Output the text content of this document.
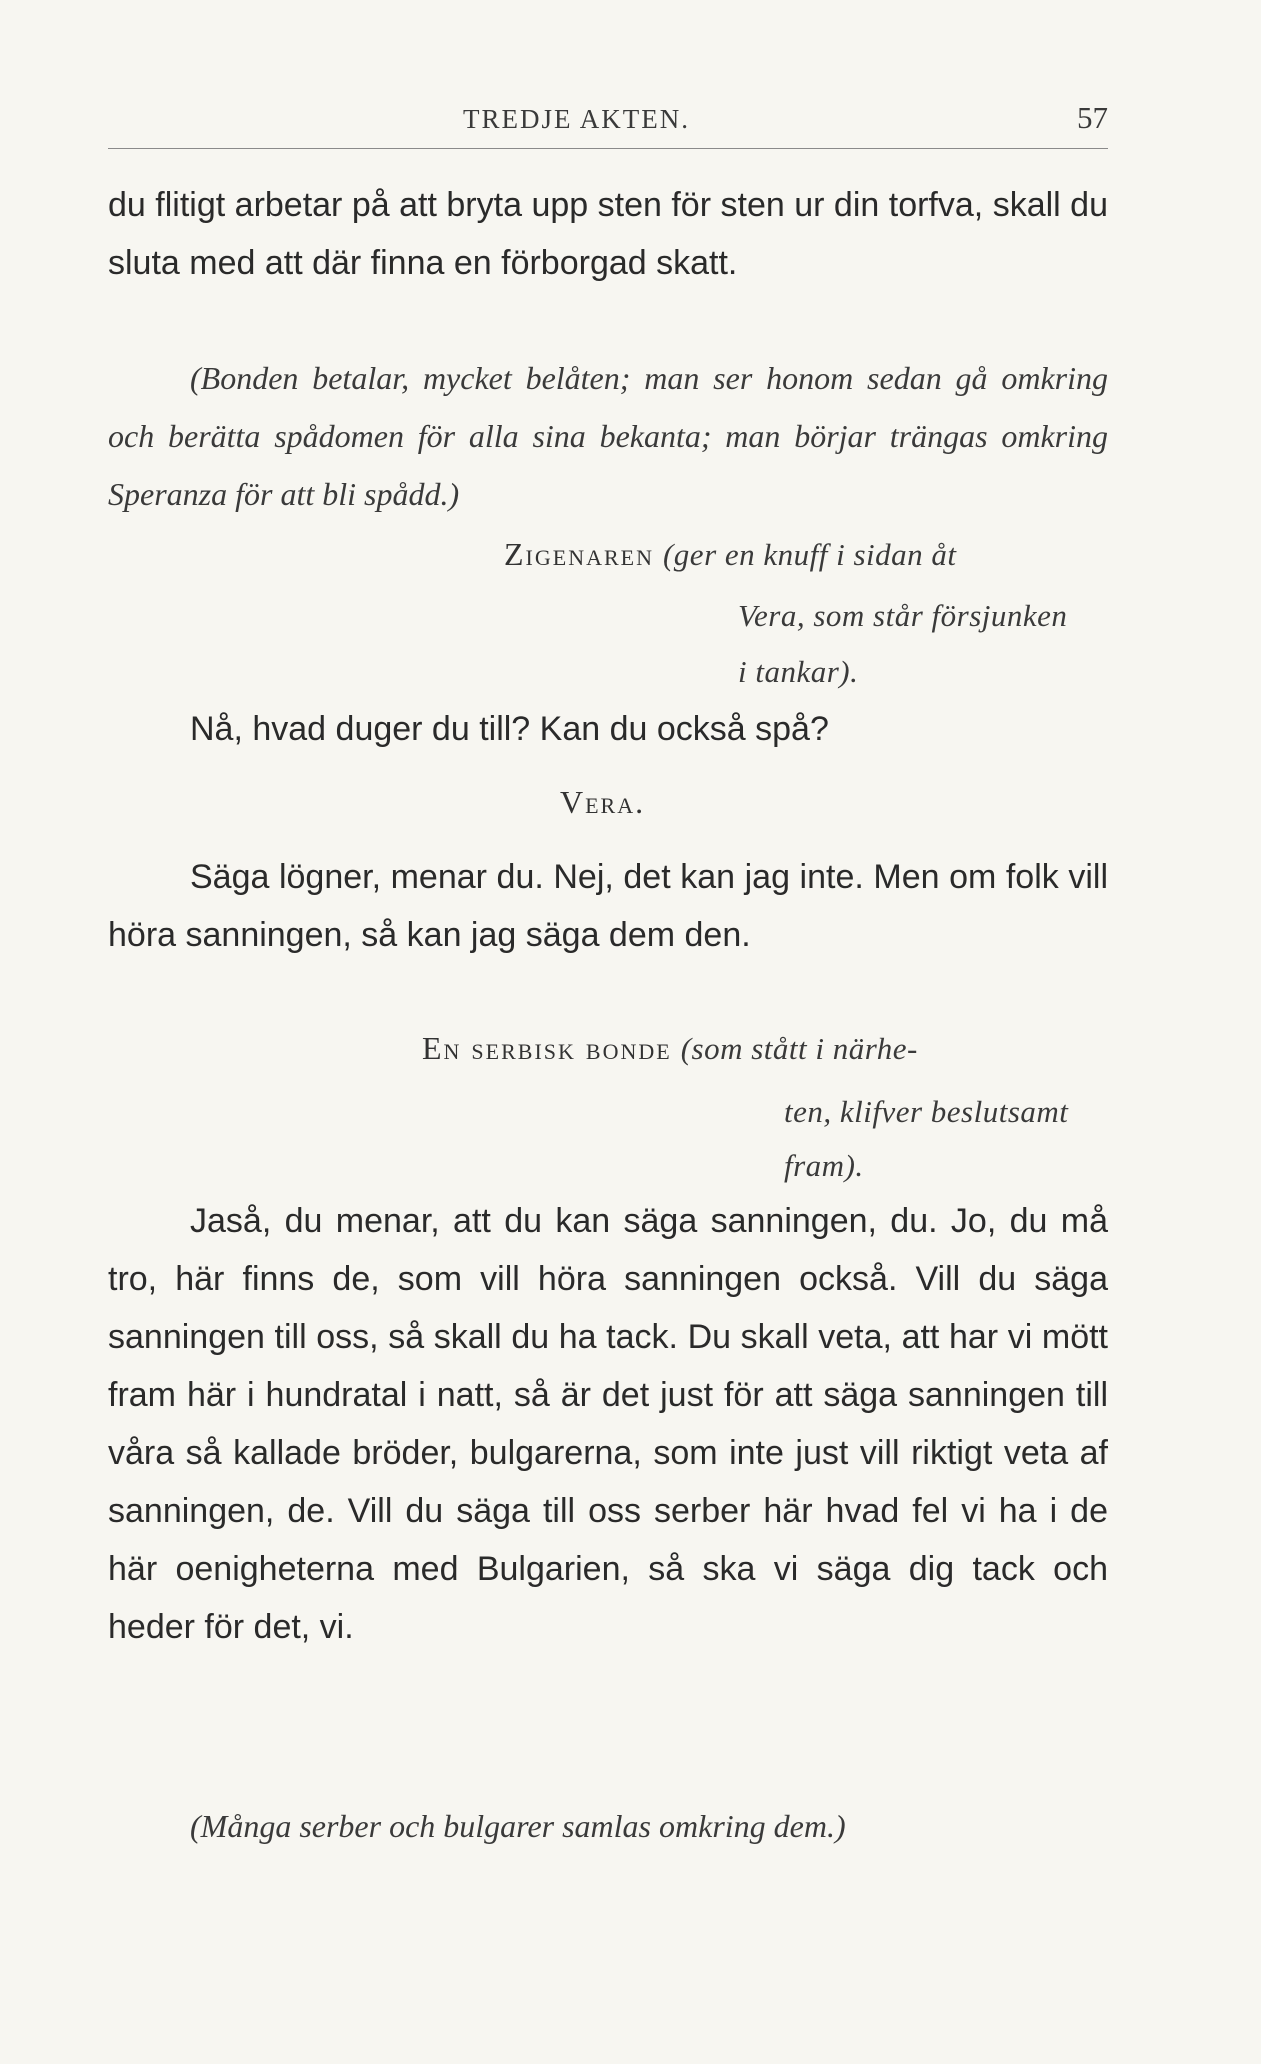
TREDJE AKTEN.	57

du flitigt arbetar på att bryta upp sten för sten ur din torfva, skall du sluta med att där finna en förborgad skatt.

(Bonden betalar, mycket belåten; man ser honom sedan gå omkring och berätta spådomen för alla sina bekanta; man börjar trängas omkring Speranza för att bli spådd.)

Zigenaren (ger en knuff i sidan åt
Vera, som står försjunken
i tankar).

Nå, hvad duger du till? Kan du också spå?

Vera.

Säga lögner, menar du. Nej, det kan jag inte. Men om folk vill höra sanningen, så kan jag säga dem den.

En serbisk bonde (som stått i närhe-
ten, klifver beslutsamt
fram).

Jaså, du menar, att du kan säga sanningen, du. Jo, du må tro, här finns de, som vill höra sanningen också. Vill du säga sanningen till oss, så skall du ha tack. Du skall veta, att har vi mött fram här i hundratal i natt, så är det just för att säga sanningen till våra så kallade bröder, bulgarerna, som inte just vill riktigt veta af sanningen, de. Vill du säga till oss serber här hvad fel vi ha i de här oenigheterna med Bulgarien, så ska vi säga dig tack och heder för det, vi.

(Många serber och bulgarer samlas omkring dem.)
